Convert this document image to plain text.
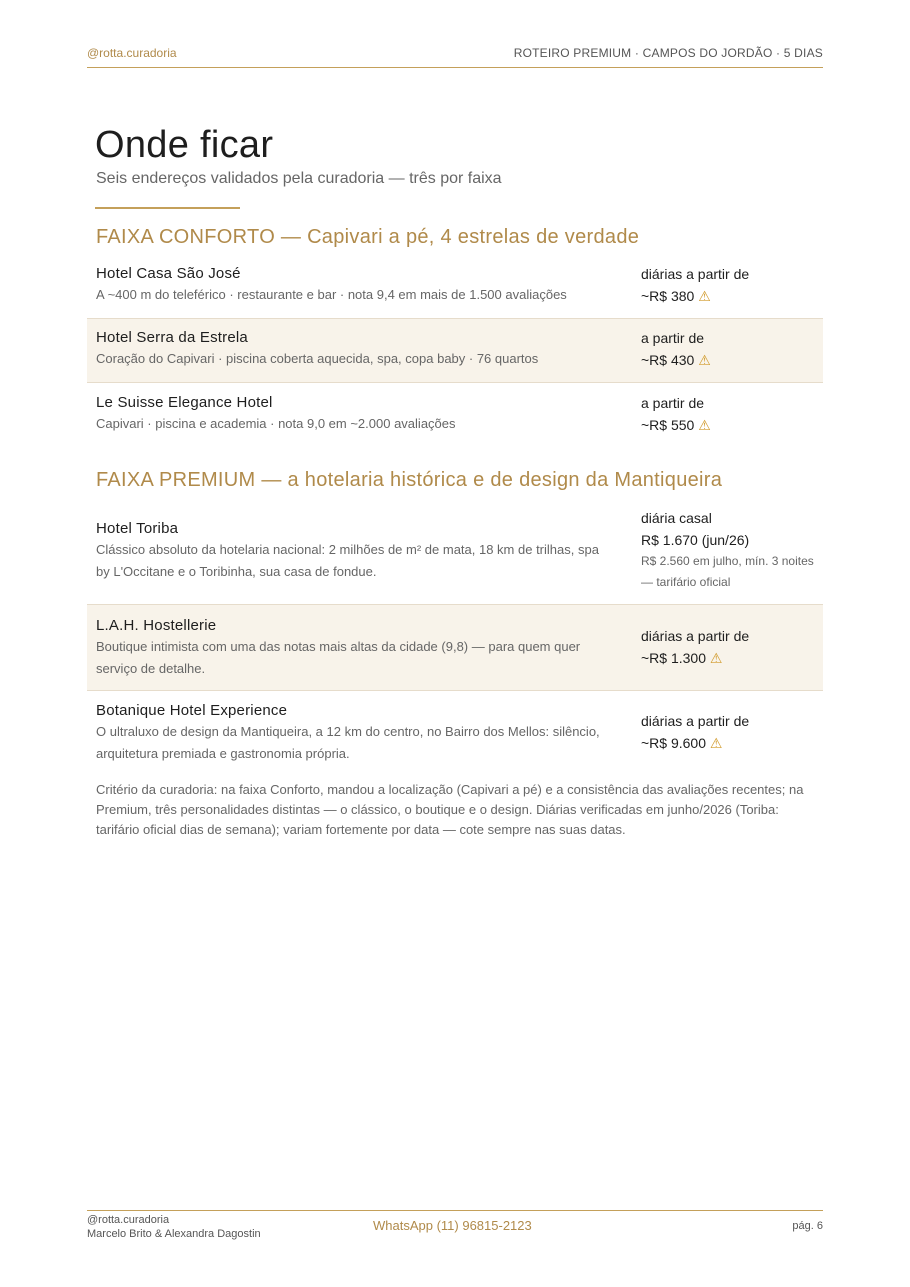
@rotta.curadoria	ROTEIRO PREMIUM · CAMPOS DO JORDÃO · 5 DIAS
Onde ficar
Seis endereços validados pela curadoria — três por faixa
FAIXA CONFORTO — Capivari a pé, 4 estrelas de verdade
Hotel Casa São José
A ~400 m do teleférico · restaurante e bar · nota 9,4 em mais de 1.500 avaliações
diárias a partir de
~R$ 380 ⚠
Hotel Serra da Estrela
Coração do Capivari · piscina coberta aquecida, spa, copa baby · 76 quartos
a partir de
~R$ 430 ⚠
Le Suisse Elegance Hotel
Capivari · piscina e academia · nota 9,0 em ~2.000 avaliações
a partir de
~R$ 550 ⚠
FAIXA PREMIUM — a hotelaria histórica e de design da Mantiqueira
Hotel Toriba
Clássico absoluto da hotelaria nacional: 2 milhões de m² de mata, 18 km de trilhas, spa by L'Occitane e o Toribinha, sua casa de fondue.
diária casal
R$ 1.670 (jun/26)
R$ 2.560 em julho, mín. 3 noites — tarifário oficial
L.A.H. Hostellerie
Boutique intimista com uma das notas mais altas da cidade (9,8) — para quem quer serviço de detalhe.
diárias a partir de
~R$ 1.300 ⚠
Botanique Hotel Experience
O ultraluxo de design da Mantiqueira, a 12 km do centro, no Bairro dos Mellos: silêncio, arquitetura premiada e gastronomia própria.
diárias a partir de
~R$ 9.600 ⚠

Critério da curadoria: na faixa Conforto, mandou a localização (Capivari a pé) e a consistência das avaliações recentes; na Premium, três personalidades distintas — o clássico, o boutique e o design. Diárias verificadas em junho/2026 (Toriba: tarifário oficial dias de semana); variam fortemente por data — cote sempre nas suas datas.

@rotta.curadoria
Marcelo Brito & Alexandra Dagostin
WhatsApp (11) 96815-2123	pág. 6
